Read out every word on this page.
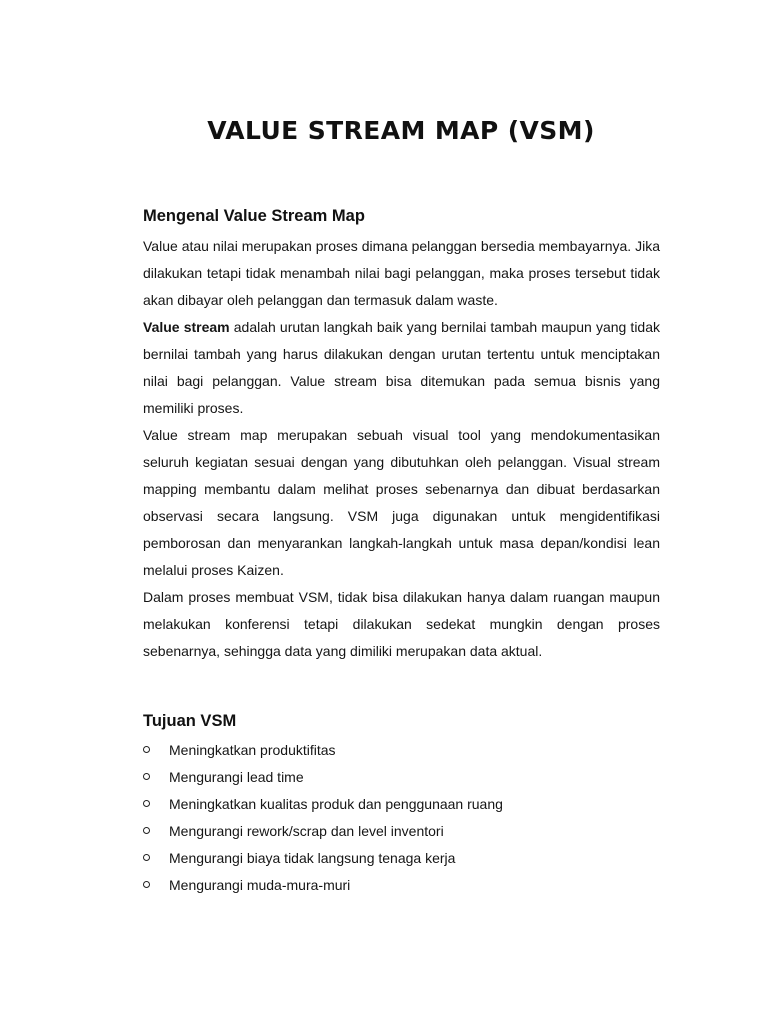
VALUE STREAM MAP (VSM)
Mengenal Value Stream Map

Value atau nilai merupakan proses dimana pelanggan bersedia membayarnya. Jika dilakukan tetapi tidak menambah nilai bagi pelanggan, maka proses tersebut tidak akan dibayar oleh pelanggan dan termasuk dalam waste.

Value stream adalah urutan langkah baik yang bernilai tambah maupun yang tidak bernilai tambah yang harus dilakukan dengan urutan tertentu untuk menciptakan nilai bagi pelanggan. Value stream bisa ditemukan pada semua bisnis yang memiliki proses.

Value stream map merupakan sebuah visual tool yang mendokumentasikan seluruh kegiatan sesuai dengan yang dibutuhkan oleh pelanggan. Visual stream mapping membantu dalam melihat proses sebenarnya dan dibuat berdasarkan observasi secara langsung. VSM juga digunakan untuk mengidentifikasi pemborosan dan menyarankan langkah-langkah untuk masa depan/kondisi lean melalui proses Kaizen.

Dalam proses membuat VSM, tidak bisa dilakukan hanya dalam ruangan maupun melakukan konferensi tetapi dilakukan sedekat mungkin dengan proses sebenarnya, sehingga data yang dimiliki merupakan data aktual.

Tujuan VSM
Meningkatkan produktifitas
Mengurangi lead time
Meningkatkan kualitas produk dan penggunaan ruang
Mengurangi rework/scrap dan level inventori
Mengurangi biaya tidak langsung tenaga kerja
Mengurangi muda-mura-muri
